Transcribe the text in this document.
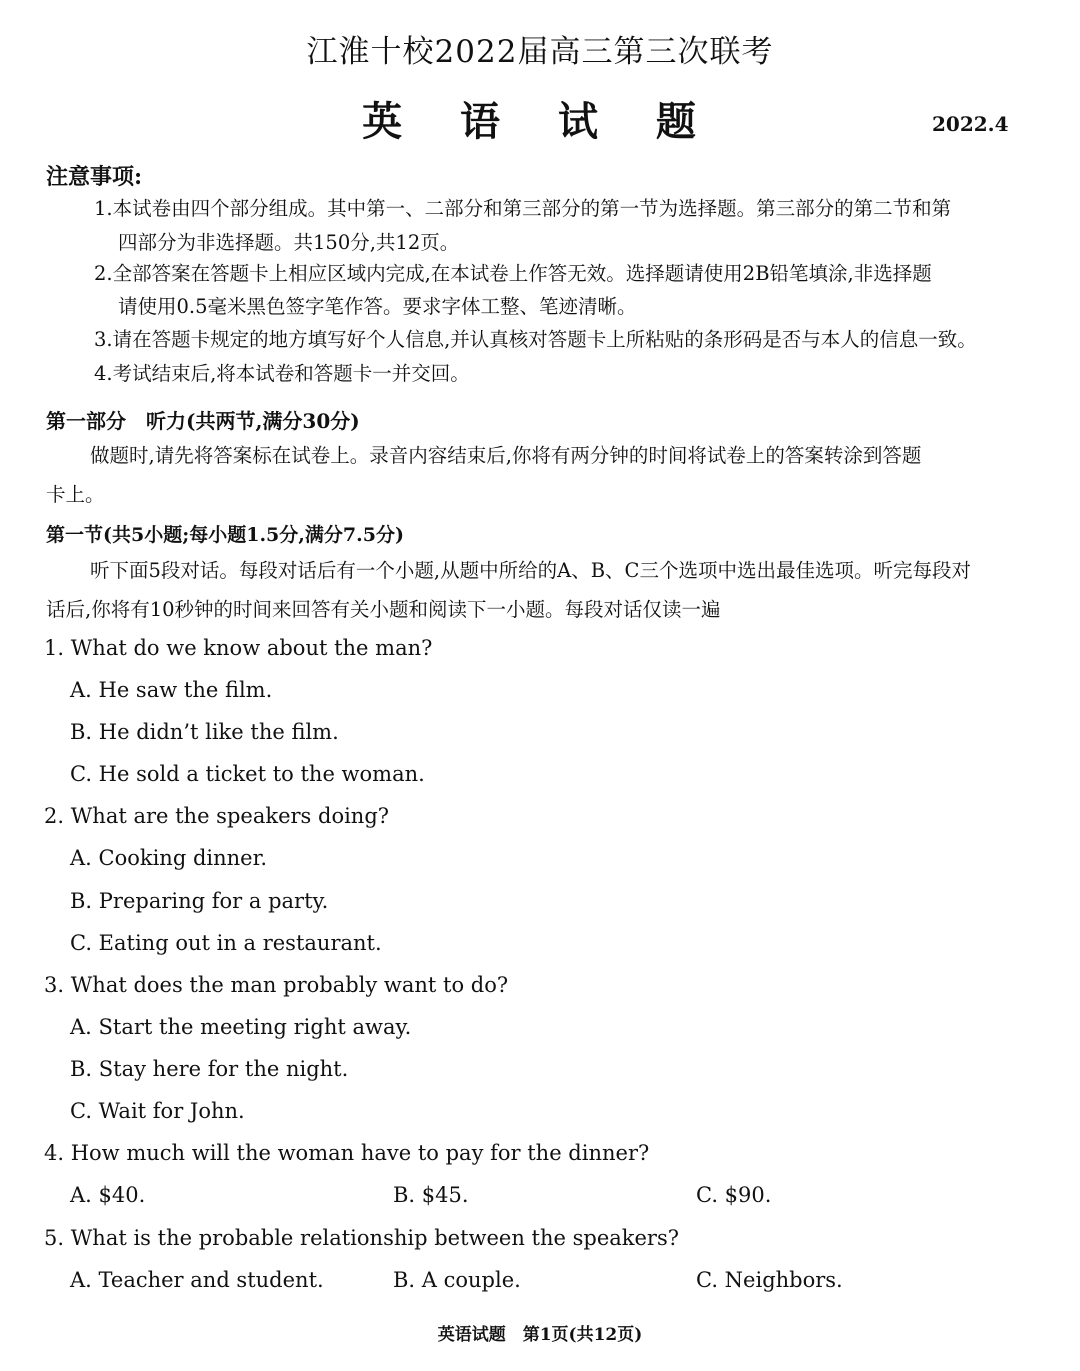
江淮十校2022届高三第三次联考
英 语 试 题	2022.4
注意事项:
1.本试卷由四个部分组成。其中第一、二部分和第三部分的第一节为选择题。第三部分的第二节和第
四部分为非选择题。共150分,共12页。
2.全部答案在答题卡上相应区域内完成,在本试卷上作答无效。选择题请使用2B铅笔填涂,非选择题
请使用0.5毫米黑色签字笔作答。要求字体工整、笔迹清晰。
3.请在答题卡规定的地方填写好个人信息,并认真核对答题卡上所粘贴的条形码是否与本人的信息一致。
4.考试结束后,将本试卷和答题卡一并交回。
第一部分　听力(共两节,满分30分)
做题时,请先将答案标在试卷上。录音内容结束后,你将有两分钟的时间将试卷上的答案转涂到答题
卡上。
第一节(共5小题;每小题1.5分,满分7.5分)
听下面5段对话。每段对话后有一个小题,从题中所给的A、B、C三个选项中选出最佳选项。听完每段对
话后,你将有10秒钟的时间来回答有关小题和阅读下一小题。每段对话仅读一遍
1. What do we know about the man?
A. He saw the film.
B. He didn’t like the film.
C. He sold a ticket to the woman.
2. What are the speakers doing?
A. Cooking dinner.
B. Preparing for a party.
C. Eating out in a restaurant.
3. What does the man probably want to do?
A. Start the meeting right away.
B. Stay here for the night.
C. Wait for John.
4. How much will the woman have to pay for the dinner?
A. $40.	B. $45.	C. $90.
5. What is the probable relationship between the speakers?
A. Teacher and student.	B. A couple.	C. Neighbors.
英语试题　第1页(共12页)
